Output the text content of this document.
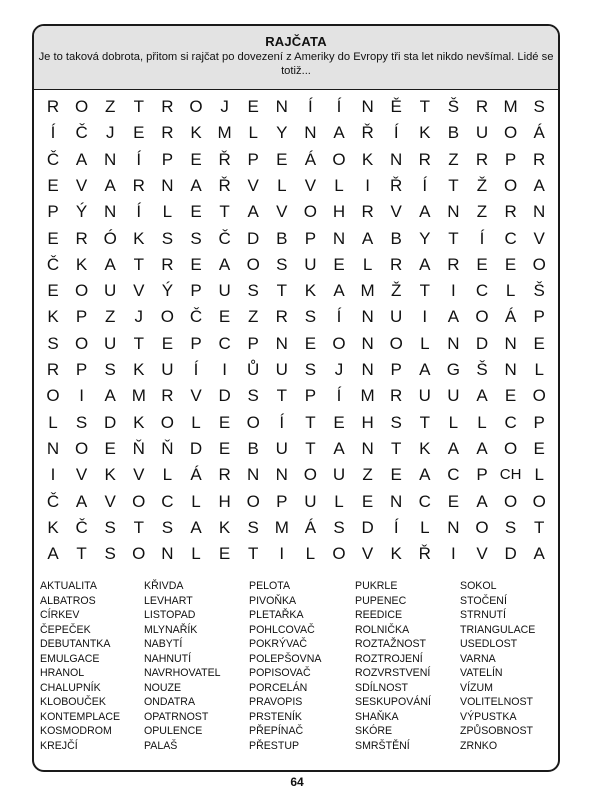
RAJČATA
Je to taková dobrota, přitom si rajčat po dovezení z Ameriky do Evropy tři sta let nikdo nevšímal. Lidé se totiž...
R O Z	T	R O	J	E N	Í	Í	N Ě	T	Š R M S
Í	Č	J	E R K M L	Y N A Ř	Í	K	B U O Á
Č A N	Í	P	E Ř P	E	Á O K N R	Z	R P R
E	V	A R N A Ř V	L	V	L	I	Ř	Í	T	Ž O A
P	Ý N	Í	L	E	T	A	V O H R V	A N	Z	R N
E R Ó K	S	S Č D B	P N A	B	Y	T	Í	C V
Č K	A	T	R E	A O S U E	L	R A R E	E O
E O U V	Ý	P U S	T	K	A M Ž	T	I	C	L	Š
K	P	Z	J	O Č E	Z	R S	Í	N U	I	A O Á	P
S O U	T	E	P C P N E O N O	L	N D N E
R P	S	K U	Í	I	Ů U S	J	N P	A G Š N	L
O	I	A M R V D S	T	P	Í	M R U U A	E O
L	S D K O	L	E O	Í	T	E H S	T	L	L	C P
N O E Ň Ň D E	B U	T	A N	T	K	A	A O E
I	V	K	V	L	Á R N N O U	Z	E	A C P CH L
Č A	V O C	L	H O P U	L	E N C E	A O O
K Č S	T	S	A	K	S M Á	S D	Í	L	N O S	T
A	T	S O N	L	E	T	I	L	O V	K Ř	I	V D A
AKTUALITA
ALBATROS
CÍRKEV
ČEPEČEK
DEBUTANTKA
EMULGACE
HRANOL
CHALUPNÍK
KLOBOUČEK
KONTEMPLACE
KOSMODROM
KREJČÍ
KŘIVDA
LEVHART
LISTOPAD
MLYNAŘÍK
NABYTÍ
NAHNUTÍ
NAVRHOVATEL
NOUZE
ONDATRA
OPATRNOST
OPULENCE
PALAŠ
PELOTA
PIVOŇKA
PLETAŘKA
POHLCOVAČ
POKRÝVAČ
POLEPŠOVNA
POPISOVAČ
PORCELÁN
PRAVOPIS
PRSTENÍK
PŘEPÍNAČ
PŘESTUP
PUKRLE
PUPENEC
REEDICE
ROLNIČKA
ROZTAŽNOST
ROZTROJENÍ
ROZVRSTVENÍ
SDÍLNOST
SESKUPOVÁNÍ
SHAŇKA
SKÓRE
SMRŠTĚNÍ
SOKOL
STOČENÍ
STRNUTÍ
TRIANGULACE
USEDLOST
VARNA
VATELÍN
VÍZUM
VOLITELNOST
VÝPUSTKA
ZPŮSOBNOST
ZRNKO
64
